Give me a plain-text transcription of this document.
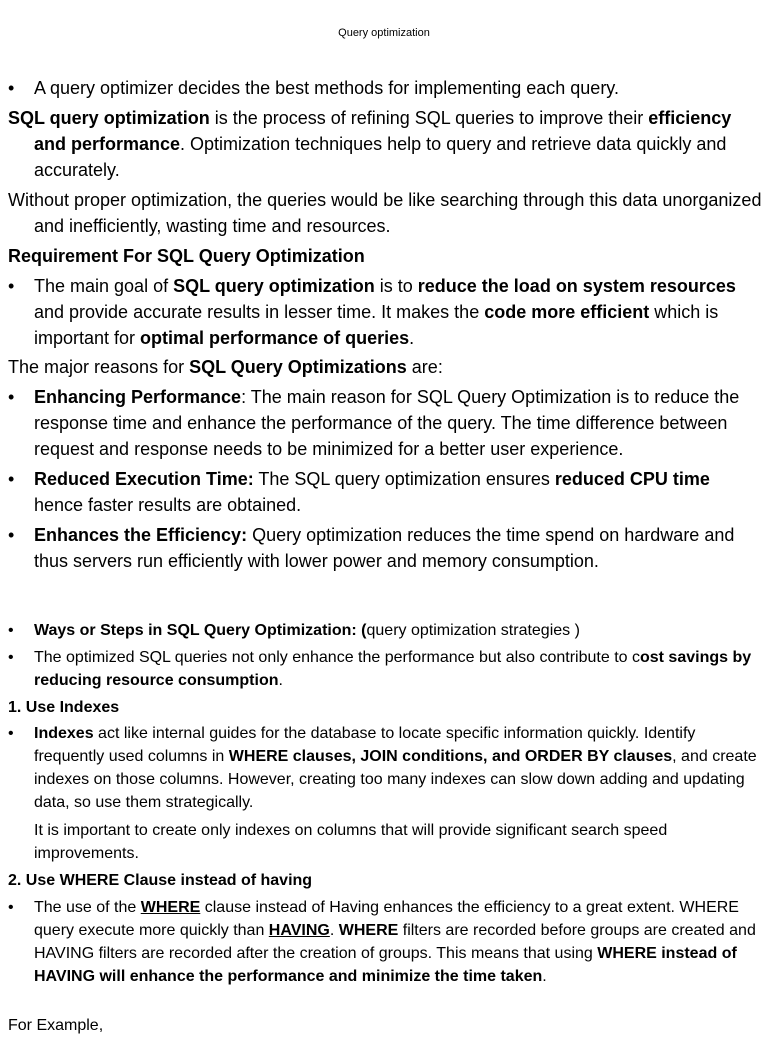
Query optimization
• A query optimizer decides the best methods for implementing each query.
SQL query optimization is the process of refining SQL queries to improve their efficiency and performance. Optimization techniques help to query and retrieve data quickly and accurately.
Without proper optimization, the queries would be like searching through this data unorganized and inefficiently, wasting time and resources.
Requirement For SQL Query Optimization
• The main goal of SQL query optimization is to reduce the load on system resources and provide accurate results in lesser time. It makes the code more efficient which is important for optimal performance of queries.
The major reasons for SQL Query Optimizations are:
• Enhancing Performance: The main reason for SQL Query Optimization is to reduce the response time and enhance the performance of the query. The time difference between request and response needs to be minimized for a better user experience.
• Reduced Execution Time: The SQL query optimization ensures reduced CPU time hence faster results are obtained.
• Enhances the Efficiency: Query optimization reduces the time spend on hardware and thus servers run efficiently with lower power and memory consumption.
• Ways or Steps in SQL Query Optimization: (query optimization strategies )
• The optimized SQL queries not only enhance the performance but also contribute to cost savings by reducing resource consumption.
1. Use Indexes
• Indexes act like internal guides for the database to locate specific information quickly. Identify frequently used columns in WHERE clauses, JOIN conditions, and ORDER BY clauses, and create indexes on those columns. However, creating too many indexes can slow down adding and updating data, so use them strategically.
It is important to create only indexes on columns that will provide significant search speed improvements.
2. Use WHERE Clause instead of having
• The use of the WHERE clause instead of Having enhances the efficiency to a great extent. WHERE query execute more quickly than HAVING. WHERE filters are recorded before groups are created and HAVING filters are recorded after the creation of groups. This means that using WHERE instead of HAVING will enhance the performance and minimize the time taken.
For Example,
